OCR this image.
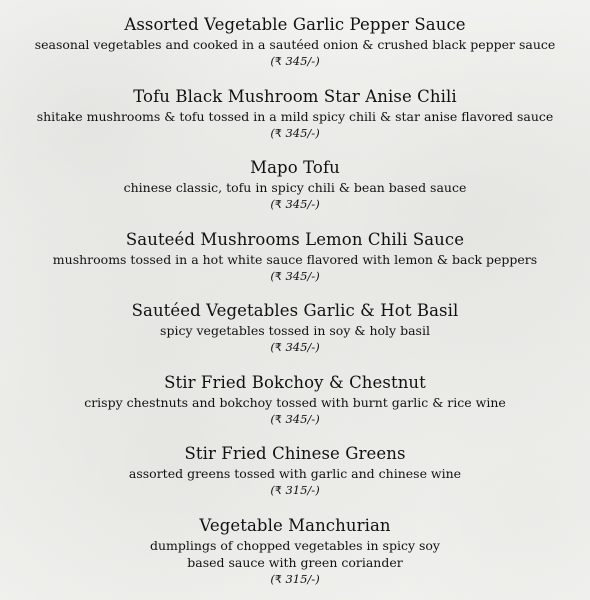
Assorted Vegetable Garlic Pepper Sauce

seasonal vegetables and cooked in a sautéed onion & crushed black pepper sauce

(₹ 345/-)

Tofu Black Mushroom Star Anise Chili

shitake mushrooms & tofu tossed in a mild spicy chili & star anise flavored sauce

(₹ 345/-)

Mapo Tofu

chinese classic, tofu in spicy chili & bean based sauce

(₹ 345/-)

Sauteéd Mushrooms Lemon Chili Sauce

mushrooms tossed in a hot white sauce flavored with lemon & back peppers

(₹ 345/-)

Sautéed Vegetables Garlic & Hot Basil

spicy vegetables tossed in soy & holy basil

(₹ 345/-)

Stir Fried Bokchoy & Chestnut

crispy chestnuts and bokchoy tossed with burnt garlic & rice wine

(₹ 345/-)

Stir Fried Chinese Greens

assorted greens tossed with garlic and chinese wine

(₹ 315/-)

Vegetable Manchurian

dumplings of chopped vegetables in spicy soy

based sauce with green coriander

(₹ 315/-)
